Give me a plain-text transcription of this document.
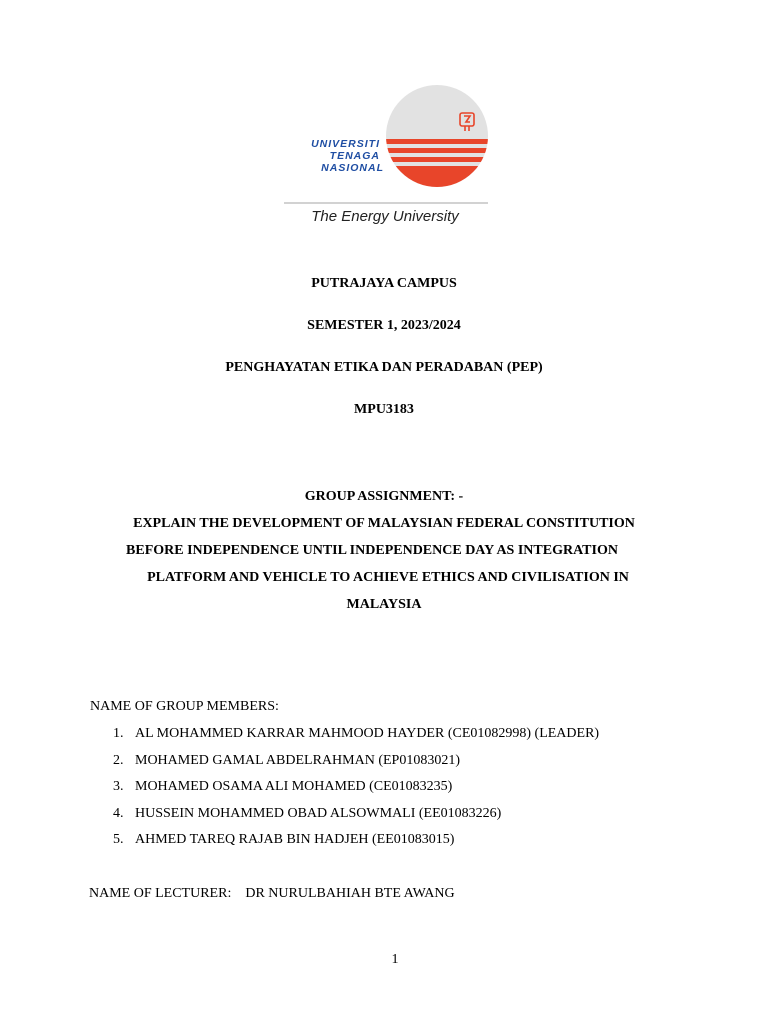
UNIVERSITI
TENAGA
NASIONAL
The Energy University
PUTRAJAYA CAMPUS
SEMESTER 1, 2023/2024
PENGHAYATAN ETIKA DAN PERADABAN (PEP)
MPU3183
GROUP ASSIGNMENT: -
EXPLAIN THE DEVELOPMENT OF MALAYSIAN FEDERAL CONSTITUTION
BEFORE INDEPENDENCE UNTIL INDEPENDENCE DAY AS INTEGRATION
PLATFORM AND VEHICLE TO ACHIEVE ETHICS AND CIVILISATION IN
MALAYSIA
NAME OF GROUP MEMBERS:
1. AL MOHAMMED KARRAR MAHMOOD HAYDER (CE01082998) (LEADER)
2. MOHAMED GAMAL ABDELRAHMAN (EP01083021)
3. MOHAMED OSAMA ALI MOHAMED (CE01083235)
4. HUSSEIN MOHAMMED OBAD ALSOWMALI (EE01083226)
5. AHMED TAREQ RAJAB BIN HADJEH (EE01083015)
NAME OF LECTURER: DR NURULBAHIAH BTE AWANG
1
